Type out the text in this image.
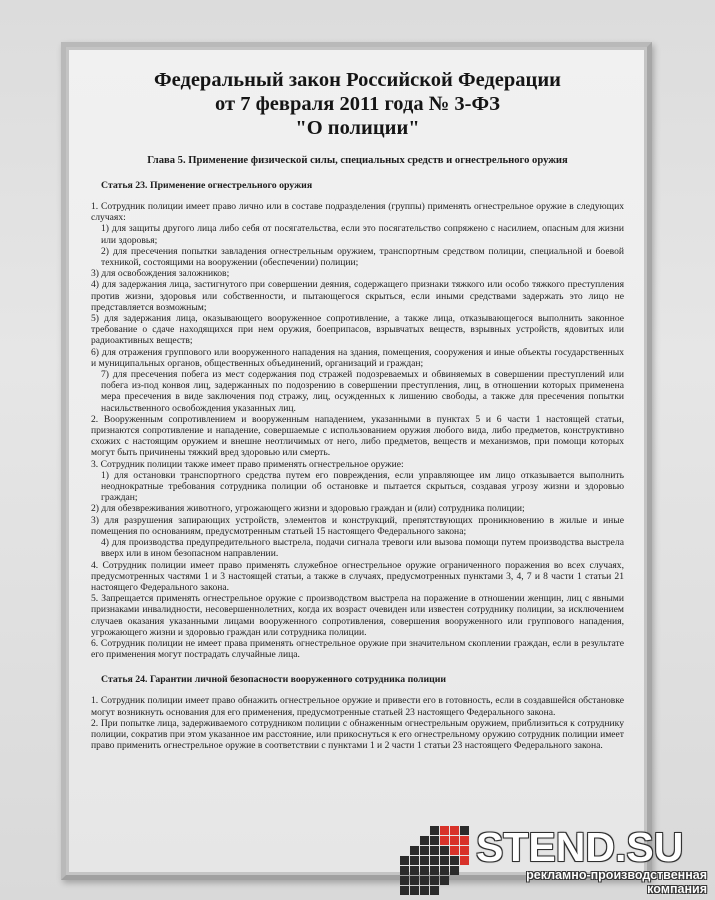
Федеральный закон Российской Федерации
от 7 февраля 2011 года № 3-ФЗ
"О полиции"
Глава 5. Применение физической силы, специальных средств и огнестрельного оружия
Статья 23. Применение огнестрельного оружия

1. Сотрудник полиции имеет право лично или в составе подразделения (группы) применять огнестрельное оружие в следующих случаях:

1) для защиты другого лица либо себя от посягательства, если это посягательство сопряжено с насилием, опасным для жизни или здоровья;

2) для пресечения попытки завладения огнестрельным оружием, транспортным средством полиции, специальной и боевой техникой, состоящими на вооружении (обеспечении) полиции;

3) для освобождения заложников;

4) для задержания лица, застигнутого при совершении деяния, содержащего признаки тяжкого или особо тяжкого преступления против жизни, здоровья или собственности, и пытающегося скрыться, если иными средствами задержать это лицо не представляется возможным;

5) для задержания лица, оказывающего вооруженное сопротивление, а также лица, отказывающегося выполнить законное требование о сдаче находящихся при нем оружия, боеприпасов, взрывчатых веществ, взрывных устройств, ядовитых или радиоактивных веществ;

6) для отражения группового или вооруженного нападения на здания, помещения, сооружения и иные объекты государственных и муниципальных органов, общественных объединений, организаций и граждан;

7) для пресечения побега из мест содержания под стражей подозреваемых и обвиняемых в совершении преступлений или побега из-под конвоя лиц, задержанных по подозрению в совершении преступления, лиц, в отношении которых применена мера пресечения в виде заключения под стражу, лиц, осужденных к лишению свободы, а также для пресечения попытки насильственного освобождения указанных лиц.

2. Вооруженным сопротивлением и вооруженным нападением, указанными в пунктах 5 и 6 части 1 настоящей статьи, признаются сопротивление и нападение, совершаемые с использованием оружия любого вида, либо предметов, конструктивно схожих с настоящим оружием и внешне неотличимых от него, либо предметов, веществ и механизмов, при помощи которых могут быть причинены тяжкий вред здоровью или смерть.

3. Сотрудник полиции также имеет право применять огнестрельное оружие:

1) для остановки транспортного средства путем его повреждения, если управляющее им лицо отказывается выполнить неоднократные требования сотрудника полиции об остановке и пытается скрыться, создавая угрозу жизни и здоровью граждан;

2) для обезвреживания животного, угрожающего жизни и здоровью граждан и (или) сотрудника полиции;

3) для разрушения запирающих устройств, элементов и конструкций, препятствующих проникновению в жилые и иные помещения по основаниям, предусмотренным статьей 15 настоящего Федерального закона;

4) для производства предупредительного выстрела, подачи сигнала тревоги или вызова помощи путем производства выстрела вверх или в ином безопасном направлении.

4. Сотрудник полиции имеет право применять служебное огнестрельное оружие ограниченного поражения во всех случаях, предусмотренных частями 1 и 3 настоящей статьи, а также в случаях, предусмотренных пунктами 3, 4, 7 и 8 части 1 статьи 21 настоящего Федерального закона.

5. Запрещается применять огнестрельное оружие с производством выстрела на поражение в отношении женщин, лиц с явными признаками инвалидности, несовершеннолетних, когда их возраст очевиден или известен сотруднику полиции, за исключением случаев оказания указанными лицами вооруженного сопротивления, совершения вооруженного или группового нападения, угрожающего жизни и здоровью граждан или сотрудника полиции.

6. Сотрудник полиции не имеет права применять огнестрельное оружие при значительном скоплении граждан, если в результате его применения могут пострадать случайные лица.

Статья 24. Гарантии личной безопасности вооруженного сотрудника полиции

1. Сотрудник полиции имеет право обнажить огнестрельное оружие и привести его в готовность, если в создавшейся обстановке могут возникнуть основания для его применения, предусмотренные статьей 23 настоящего Федерального закона.

2. При попытке лица, задерживаемого сотрудником полиции с обнаженным огнестрельным оружием, приблизиться к сотруднику полиции, сократив при этом указанное им расстояние, или прикоснуться к его огнестрельному оружию сотрудник полиции имеет право применить огнестрельное оружие в соответствии с пунктами 1 и 2 части 1 статьи 23 настоящего Федерального закона.

STEND.SU
рекламно-производственная
компания
